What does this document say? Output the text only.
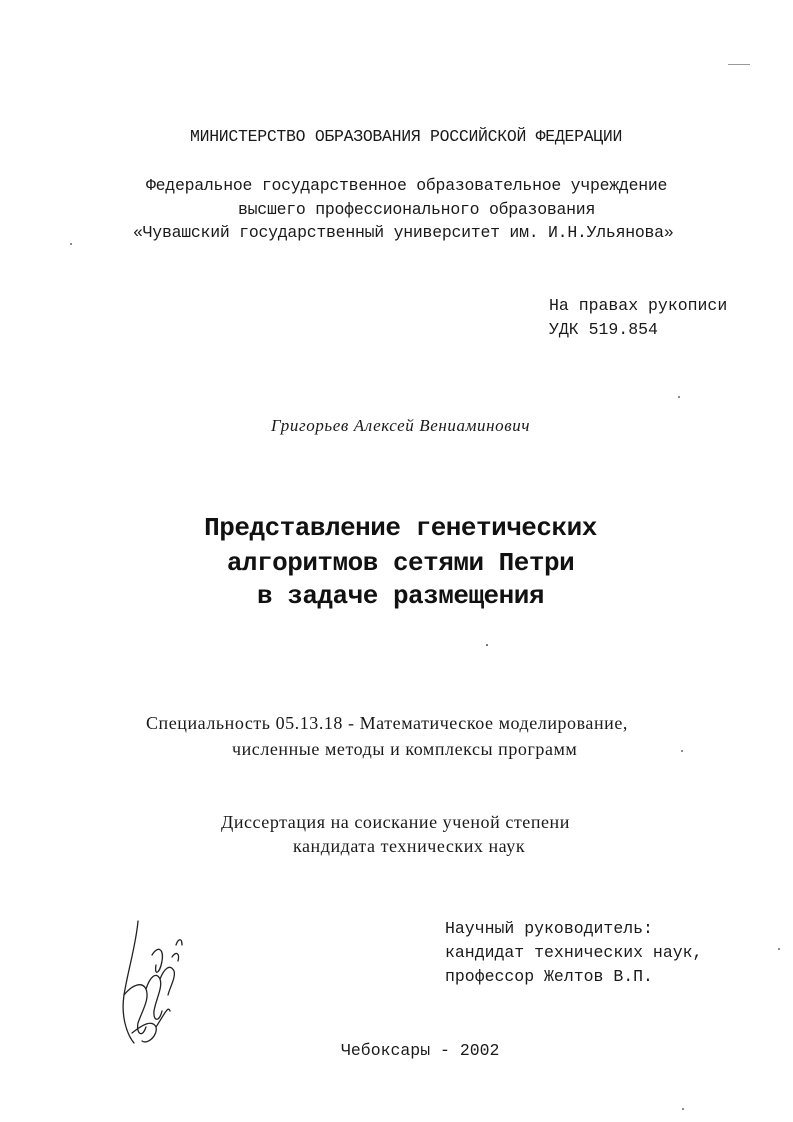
МИНИСТЕРСТВО ОБРАЗОВАНИЯ РОССИЙСКОЙ ФЕДЕРАЦИИ
Федеральное государственное образовательное учреждение
высшего профессионального образования
«Чувашский государственный университет им. И.Н.Ульянова»
На правах рукописи
УДК 519.854
Григорьев Алексей Вениаминович
Представление генетических
алгоритмов сетями Петри
в задаче размещения
Специальность 05.13.18 - Математическое моделирование,
численные методы и комплексы программ
Диссертация на соискание ученой степени
кандидата технических наук
Научный руководитель:
кандидат технических наук,
профессор Желтов В.П.
Чебоксары - 2002
